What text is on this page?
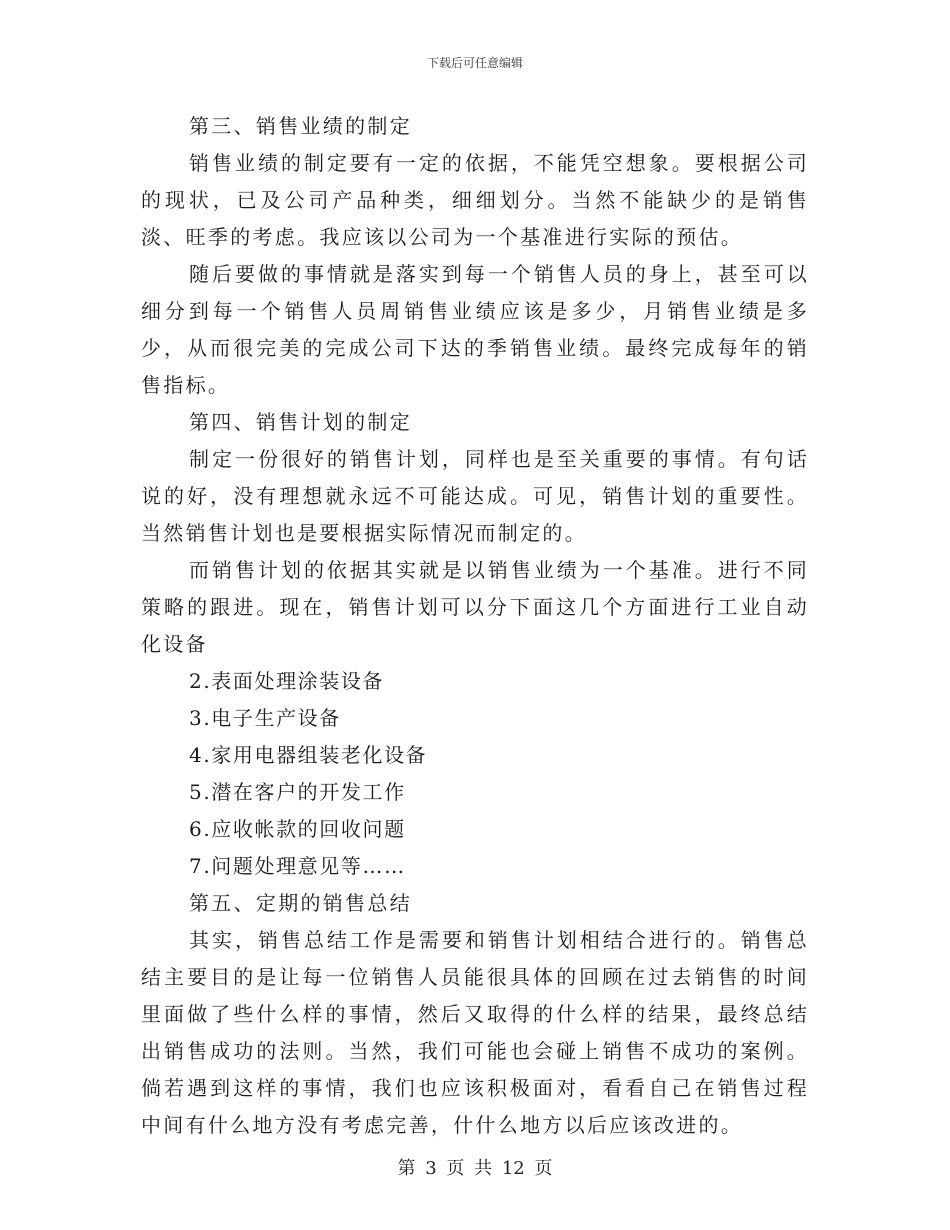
下载后可任意编辑

第三、销售业绩的制定

销售业绩的制定要有一定的依据，不能凭空想象。要根据公司的现状，已及公司产品种类，细细划分。当然不能缺少的是销售淡、旺季的考虑。我应该以公司为一个基准进行实际的预估。

随后要做的事情就是落实到每一个销售人员的身上，甚至可以细分到每一个销售人员周销售业绩应该是多少，月销售业绩是多少，从而很完美的完成公司下达的季销售业绩。最终完成每年的销售指标。

第四、销售计划的制定

制定一份很好的销售计划，同样也是至关重要的事情。有句话说的好，没有理想就永远不可能达成。可见，销售计划的重要性。当然销售计划也是要根据实际情况而制定的。

而销售计划的依据其实就是以销售业绩为一个基准。进行不同策略的跟进。现在，销售计划可以分下面这几个方面进行工业自动化设备

2.表面处理涂装设备

3.电子生产设备

4.家用电器组装老化设备

5.潜在客户的开发工作

6.应收帐款的回收问题

7.问题处理意见等……

第五、定期的销售总结

其实，销售总结工作是需要和销售计划相结合进行的。销售总结主要目的是让每一位销售人员能很具体的回顾在过去销售的时间里面做了些什么样的事情，然后又取得的什么样的结果，最终总结出销售成功的法则。当然，我们可能也会碰上销售不成功的案例。倘若遇到这样的事情，我们也应该积极面对，看看自己在销售过程中间有什么地方没有考虑完善，什什么地方以后应该改进的。

第 3 页 共 12 页
